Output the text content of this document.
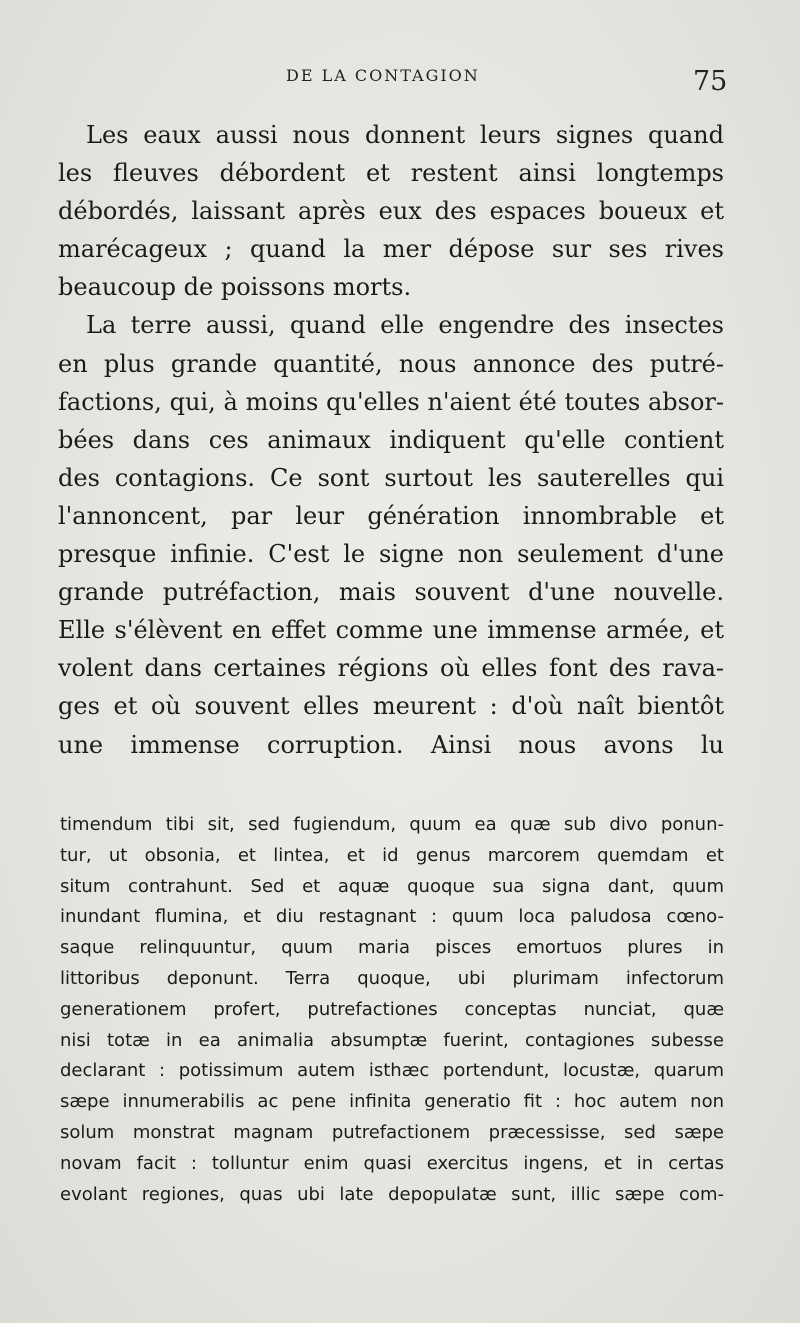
DE LA CONTAGION	75
Les eaux aussi nous donnent leurs signes quand
les fleuves débordent et restent ainsi longtemps
débordés, laissant après eux des espaces boueux et
marécageux ; quand la mer dépose sur ses rives
beaucoup de poissons morts.
La terre aussi, quand elle engendre des insectes
en plus grande quantité, nous annonce des putré-
factions, qui, à moins qu'elles n'aient été toutes absor-
bées dans ces animaux indiquent qu'elle contient
des contagions. Ce sont surtout les sauterelles qui
l'annoncent, par leur génération innombrable et
presque infinie. C'est le signe non seulement d'une
grande putréfaction, mais souvent d'une nouvelle.
Elle s'élèvent en effet comme une immense armée, et
volent dans certaines régions où elles font des rava-
ges et où souvent elles meurent : d'où naît bientôt
une immense corruption. Ainsi nous avons lu
timendum tibi sit, sed fugiendum, quum ea quæ sub divo ponun-
tur, ut obsonia, et lintea, et id genus marcorem quemdam et
situm contrahunt. Sed et aquæ quoque sua signa dant, quum
inundant flumina, et diu restagnant : quum loca paludosa cœno-
saque relinquuntur, quum maria pisces emortuos plures in
littoribus deponunt. Terra quoque, ubi plurimam infectorum
generationem profert, putrefactiones conceptas nunciat, quæ
nisi totæ in ea animalia absumptæ fuerint, contagiones subesse
declarant : potissimum autem isthæc portendunt, locustæ, quarum
sæpe innumerabilis ac pene infinita generatio fit : hoc autem non
solum monstrat magnam putrefactionem præcessisse, sed sæpe
novam facit : tolluntur enim quasi exercitus ingens, et in certas
evolant regiones, quas ubi late depopulatæ sunt, illic sæpe com-
